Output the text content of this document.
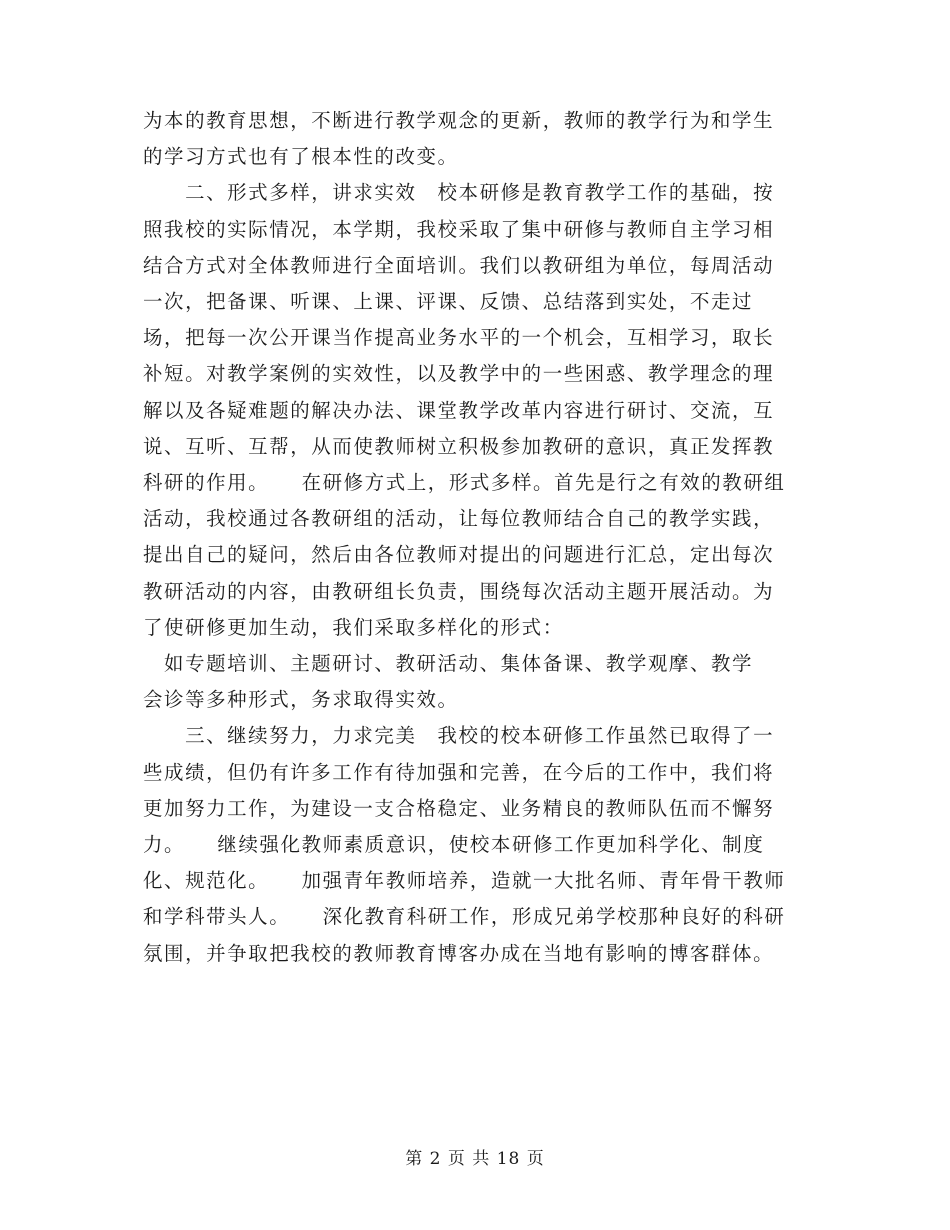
为本的教育思想，不断进行教学观念的更新，教师的教学行为和学生
的学习方式也有了根本性的改变。
　　二、形式多样，讲求实效　校本研修是教育教学工作的基础，按
照我校的实际情况，本学期，我校采取了集中研修与教师自主学习相
结合方式对全体教师进行全面培训。我们以教研组为单位，每周活动
一次，把备课、听课、上课、评课、反馈、总结落到实处，不走过
场，把每一次公开课当作提高业务水平的一个机会，互相学习，取长
补短。对教学案例的实效性，以及教学中的一些困惑、教学理念的理
解以及各疑难题的解决办法、课堂教学改革内容进行研讨、交流，互
说、互听、互帮，从而使教师树立积极参加教研的意识，真正发挥教
科研的作用。　　在研修方式上，形式多样。首先是行之有效的教研组
活动，我校通过各教研组的活动，让每位教师结合自己的教学实践，
提出自己的疑问，然后由各位教师对提出的问题进行汇总，定出每次
教研活动的内容，由教研组长负责，围绕每次活动主题开展活动。为
了使研修更加生动，我们采取多样化的形式：
　如专题培训、主题研讨、教研活动、集体备课、教学观摩、教学
会诊等多种形式，务求取得实效。
　　三、继续努力，力求完美　我校的校本研修工作虽然已取得了一
些成绩，但仍有许多工作有待加强和完善，在今后的工作中，我们将
更加努力工作，为建设一支合格稳定、业务精良的教师队伍而不懈努
力。　　继续强化教师素质意识，使校本研修工作更加科学化、制度
化、规范化。　　加强青年教师培养，造就一大批名师、青年骨干教师
和学科带头人。　　深化教育科研工作，形成兄弟学校那种良好的科研
氛围，并争取把我校的教师教育博客办成在当地有影响的博客群体。
第 2 页 共 18 页
